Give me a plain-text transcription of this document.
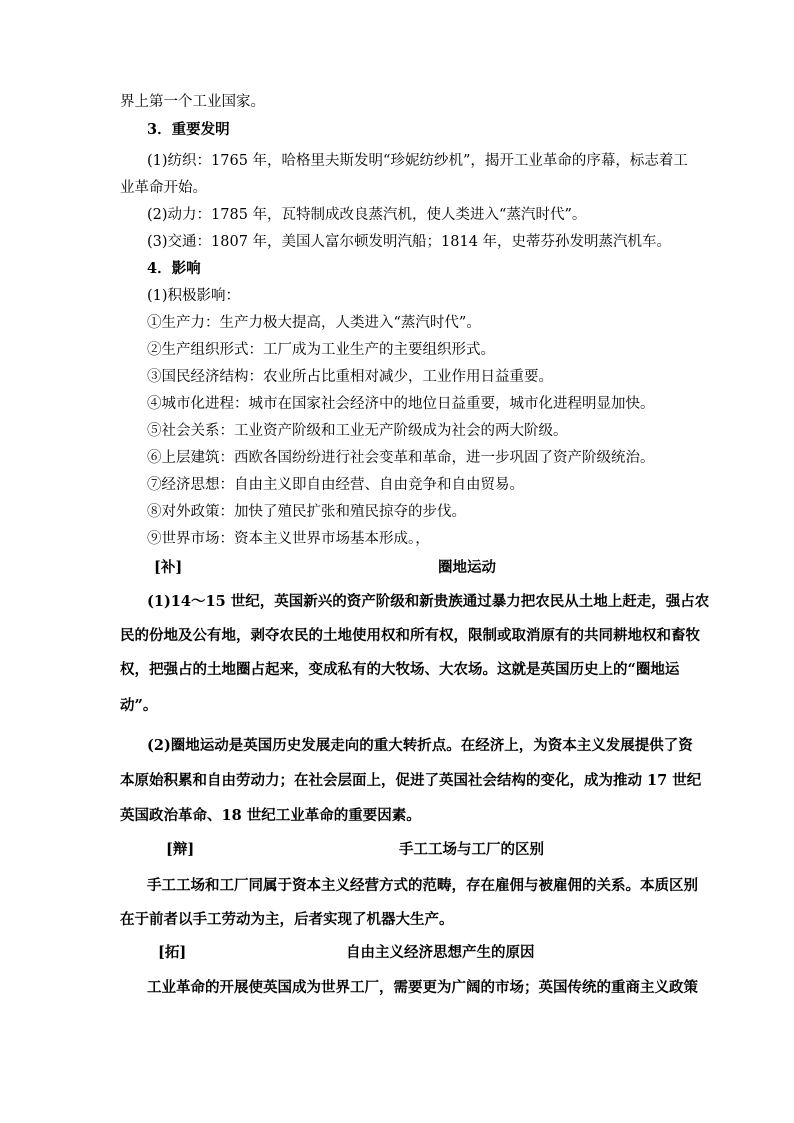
界上第一个工业国家。
3．重要发明
(1)纺织：1765 年，哈格里夫斯发明“珍妮纺纱机”，揭开工业革命的序幕，标志着工
业革命开始。
(2)动力：1785 年，瓦特制成改良蒸汽机，使人类进入“蒸汽时代”。
(3)交通：1807 年，美国人富尔顿发明汽船；1814 年，史蒂芬孙发明蒸汽机车。
4．影响
(1)积极影响：
①生产力：生产力极大提高，人类进入“蒸汽时代”。
②生产组织形式：工厂成为工业生产的主要组织形式。
③国民经济结构：农业所占比重相对减少，工业作用日益重要。
④城市化进程：城市在国家社会经济中的地位日益重要，城市化进程明显加快。
⑤社会关系：工业资产阶级和工业无产阶级成为社会的两大阶级。
⑥上层建筑：西欧各国纷纷进行社会变革和革命，进一步巩固了资产阶级统治。
⑦经济思想：自由主义即自由经营、自由竞争和自由贸易。
⑧对外政策：加快了殖民扩张和殖民掠夺的步伐。
⑨世界市场：资本主义世界市场基本形成。，
[补]	圈地运动
(1)14～15 世纪，英国新兴的资产阶级和新贵族通过暴力把农民从土地上赶走，强占农
民的份地及公有地，剥夺农民的土地使用权和所有权，限制或取消原有的共同耕地权和畜牧
权，把强占的土地圈占起来，变成私有的大牧场、大农场。这就是英国历史上的“圈地运
动”。
(2)圈地运动是英国历史发展走向的重大转折点。在经济上，为资本主义发展提供了资
本原始积累和自由劳动力；在社会层面上，促进了英国社会结构的变化，成为推动 17 世纪
英国政治革命、18 世纪工业革命的重要因素。
[辩]	手工工场与工厂的区别
手工工场和工厂同属于资本主义经营方式的范畴，存在雇佣与被雇佣的关系。本质区别
在于前者以手工劳动为主，后者实现了机器大生产。
[拓]	自由主义经济思想产生的原因
工业革命的开展使英国成为世界工厂，需要更为广阔的市场；英国传统的重商主义政策
